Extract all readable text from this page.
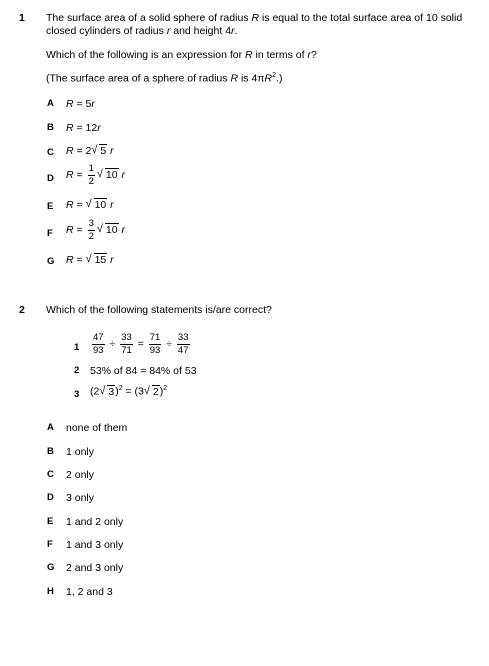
1 The surface area of a solid sphere of radius R is equal to the total surface area of 10 solid
closed cylinders of radius r and height 4r.
Which of the following is an expression for R in terms of r?
(The surface area of a sphere of radius R is $4\pi R^2$.)
A R = 5r
B R = 12r
C R = 2 √ 5 r
D $R = \frac{1}{2}$ √ 10 r
E R = √ 10 r
F $R = \frac{3}{2}$ √ 10 r
G R = √ 15 r
2 Which of the following statements is/are correct?
$1 \frac{47}{93} \div \frac{33}{71} = \frac{71}{93} \div \frac{33}{47}$
2 53% of 84 = 84% of 53
3 (2 √ 3)$^2$ = (3 √ 2)$^2$
A none of them
B 1 only
C 2 only
D 3 only
E 1 and 2 only
F 1 and 3 only
G 2 and 3 only
H 1, 2 and 3
